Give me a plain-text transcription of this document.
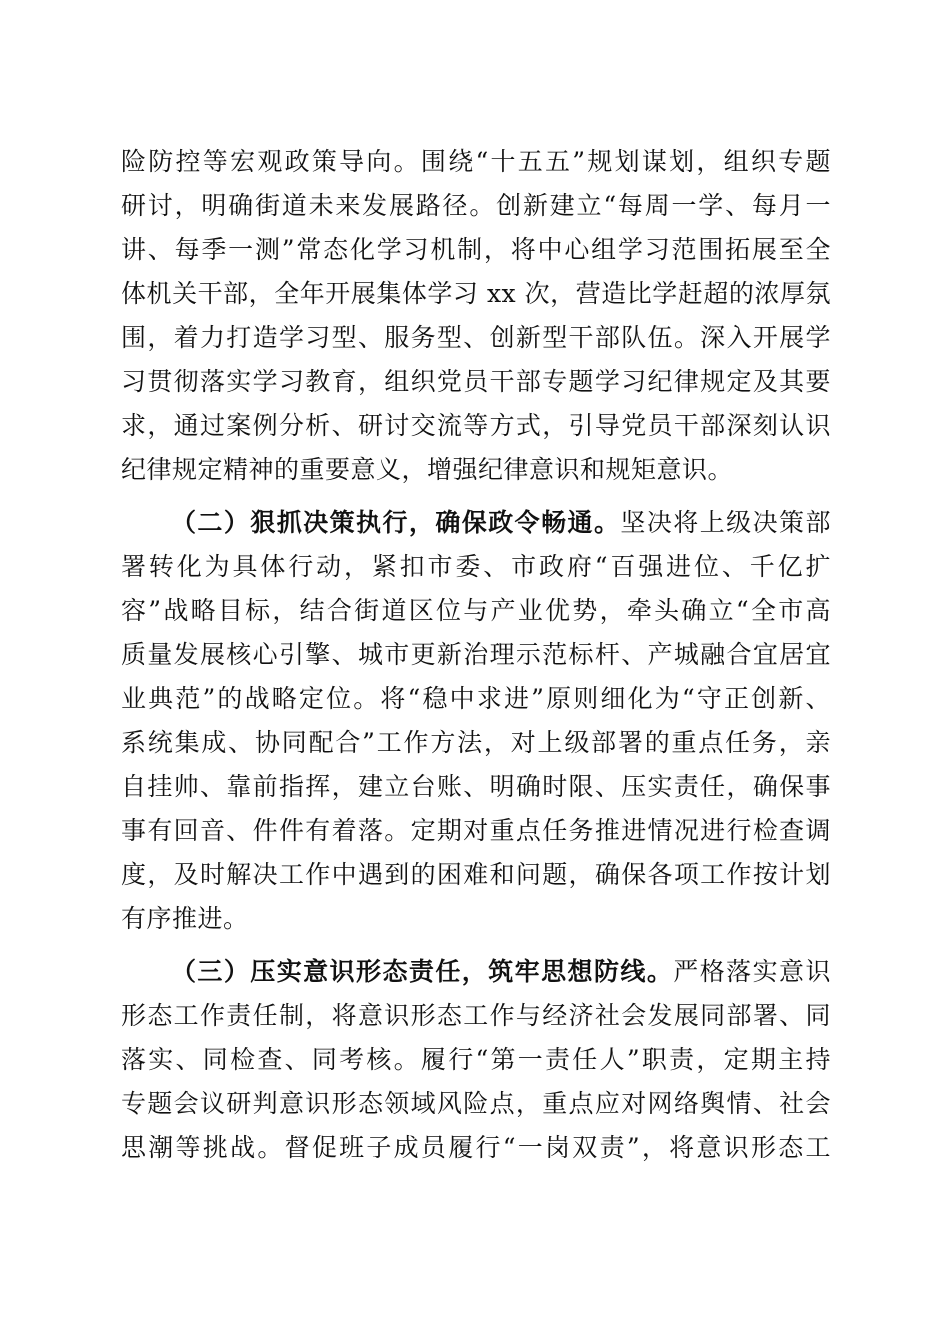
险防控等宏观政策导向。围绕“十五五”规划谋划，组织专题
研讨，明确街道未来发展路径。创新建立“每周一学、每月一
讲、每季一测”常态化学习机制，将中心组学习范围拓展至全
体机关干部，全年开展集体学习 xx 次，营造比学赶超的浓厚氛
围，着力打造学习型、服务型、创新型干部队伍。深入开展学
习贯彻落实学习教育，组织党员干部专题学习纪律规定及其要
求，通过案例分析、研讨交流等方式，引导党员干部深刻认识
纪律规定精神的重要意义，增强纪律意识和规矩意识。
（二）狠抓决策执行，确保政令畅通。坚决将上级决策部
署转化为具体行动，紧扣市委、市政府“百强进位、千亿扩
容”战略目标，结合街道区位与产业优势，牵头确立“全市高
质量发展核心引擎、城市更新治理示范标杆、产城融合宜居宜
业典范”的战略定位。将“稳中求进”原则细化为“守正创新、
系统集成、协同配合”工作方法，对上级部署的重点任务，亲
自挂帅、靠前指挥，建立台账、明确时限、压实责任，确保事
事有回音、件件有着落。定期对重点任务推进情况进行检查调
度，及时解决工作中遇到的困难和问题，确保各项工作按计划
有序推进。
（三）压实意识形态责任，筑牢思想防线。严格落实意识
形态工作责任制，将意识形态工作与经济社会发展同部署、同
落实、同检查、同考核。履行“第一责任人”职责，定期主持
专题会议研判意识形态领域风险点，重点应对网络舆情、社会
思潮等挑战。督促班子成员履行“一岗双责”，将意识形态工
